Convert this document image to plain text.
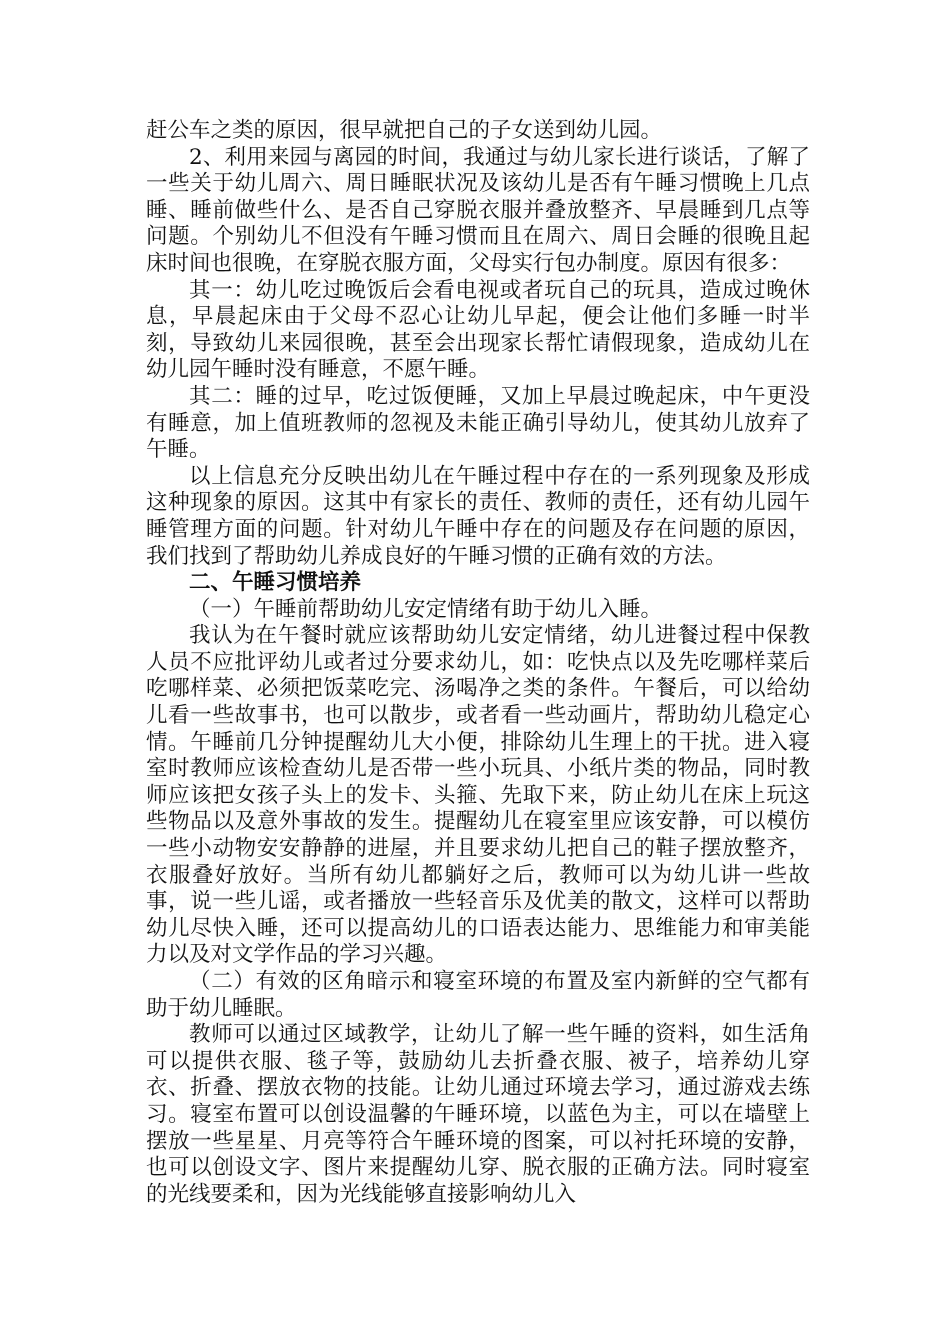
赶公车之类的原因，很早就把自己的子女送到幼儿园。

2、利用来园与离园的时间，我通过与幼儿家长进行谈话，了解了一些关于幼儿周六、周日睡眠状况及该幼儿是否有午睡习惯晚上几点睡、睡前做些什么、是否自己穿脱衣服并叠放整齐、早晨睡到几点等问题。个别幼儿不但没有午睡习惯而且在周六、周日会睡的很晚且起床时间也很晚，在穿脱衣服方面，父母实行包办制度。原因有很多：

其一：幼儿吃过晚饭后会看电视或者玩自己的玩具，造成过晚休息，早晨起床由于父母不忍心让幼儿早起，便会让他们多睡一时半刻，导致幼儿来园很晚，甚至会出现家长帮忙请假现象，造成幼儿在幼儿园午睡时没有睡意，不愿午睡。

其二：睡的过早，吃过饭便睡，又加上早晨过晚起床，中午更没有睡意，加上值班教师的忽视及未能正确引导幼儿，使其幼儿放弃了午睡。

以上信息充分反映出幼儿在午睡过程中存在的一系列现象及形成这种现象的原因。这其中有家长的责任、教师的责任，还有幼儿园午睡管理方面的问题。针对幼儿午睡中存在的问题及存在问题的原因，我们找到了帮助幼儿养成良好的午睡习惯的正确有效的方法。

二、午睡习惯培养

（一）午睡前帮助幼儿安定情绪有助于幼儿入睡。

我认为在午餐时就应该帮助幼儿安定情绪，幼儿进餐过程中保教人员不应批评幼儿或者过分要求幼儿，如：吃快点以及先吃哪样菜后吃哪样菜、必须把饭菜吃完、汤喝净之类的条件。午餐后，可以给幼儿看一些故事书，也可以散步，或者看一些动画片，帮助幼儿稳定心情。午睡前几分钟提醒幼儿大小便，排除幼儿生理上的干扰。进入寝室时教师应该检查幼儿是否带一些小玩具、小纸片类的物品，同时教师应该把女孩子头上的发卡、头箍、先取下来，防止幼儿在床上玩这些物品以及意外事故的发生。提醒幼儿在寝室里应该安静，可以模仿一些小动物安安静静的进屋，并且要求幼儿把自己的鞋子摆放整齐，衣服叠好放好。当所有幼儿都躺好之后，教师可以为幼儿讲一些故事，说一些儿谣，或者播放一些轻音乐及优美的散文，这样可以帮助幼儿尽快入睡，还可以提高幼儿的口语表达能力、思维能力和审美能力以及对文学作品的学习兴趣。

（二）有效的区角暗示和寝室环境的布置及室内新鲜的空气都有助于幼儿睡眠。

教师可以通过区域教学，让幼儿了解一些午睡的资料，如生活角可以提供衣服、毯子等，鼓励幼儿去折叠衣服、被子，培养幼儿穿衣、折叠、摆放衣物的技能。让幼儿通过环境去学习，通过游戏去练习。寝室布置可以创设温馨的午睡环境，以蓝色为主，可以在墙壁上摆放一些星星、月亮等符合午睡环境的图案，可以衬托环境的安静，也可以创设文字、图片来提醒幼儿穿、脱衣服的正确方法。同时寝室的光线要柔和，因为光线能够直接影响幼儿入
